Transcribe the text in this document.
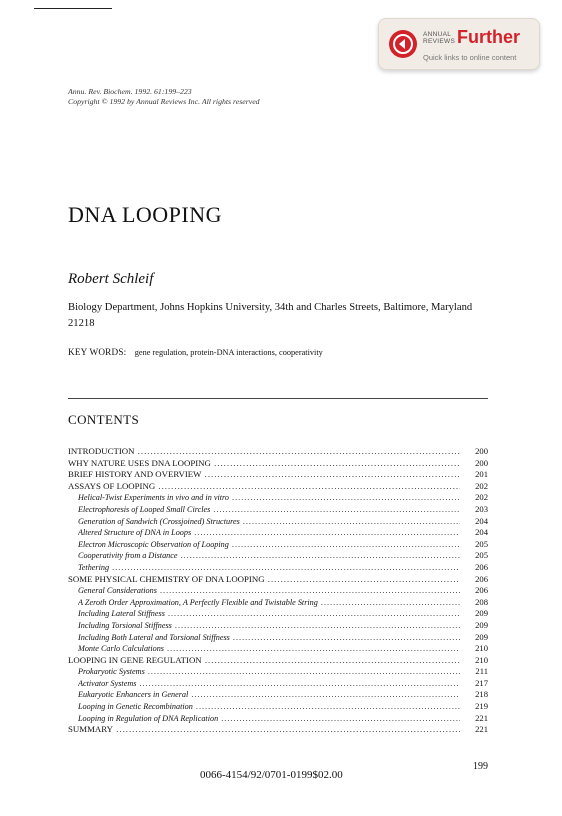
ANNUAL
REVIEWS Further
Quick links to online content
Annu. Rev. Biochem. 1992. 61:199–223
Copyright © 1992 by Annual Reviews Inc. All rights reserved
DNA LOOPING
Robert Schleif
Biology Department, Johns Hopkins University, 34th and Charles Streets, Baltimore, Maryland 21218
KEY WORDS: gene regulation, protein-DNA interactions, cooperativity
CONTENTS
INTRODUCTION .....	200
WHY NATURE USES DNA LOOPING .....	200
BRIEF HISTORY AND OVERVIEW .....	201
ASSAYS OF LOOPING .....	202
Helical-Twist Experiments in vivo and in vitro .....	202
Electrophoresis of Looped Small Circles .....	203
Generation of Sandwich (Crossjoined) Structures .....	204
Altered Structure of DNA in Loops .....	204
Electron Microscopic Observation of Looping .....	205
Cooperativity from a Distance .....	205
Tethering .....	206
SOME PHYSICAL CHEMISTRY OF DNA LOOPING .....	206
General Considerations .....	206
A Zeroth Order Approximation, A Perfectly Flexible and Twistable String .....	208
Including Lateral Stiffness .....	209
Including Torsional Stiffness .....	209
Including Both Lateral and Torsional Stiffness .....	209
Monte Carlo Calculations .....	210
LOOPING IN GENE REGULATION .....	210
Prokaryotic Systems .....	211
Activator Systems .....	217
Eukaryotic Enhancers in General .....	218
Looping in Genetic Recombination .....	219
Looping in Regulation of DNA Replication .....	221
SUMMARY .....	221
199
0066-4154/92/0701-0199$02.00
